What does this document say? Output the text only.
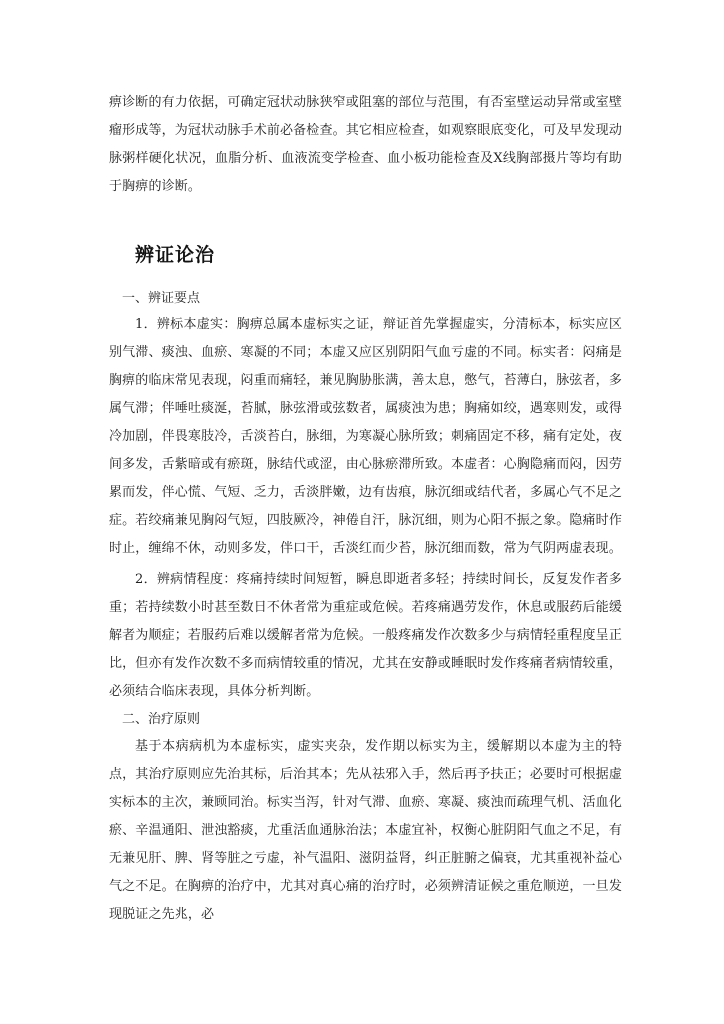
痹诊断的有力依据，可确定冠状动脉狭窄或阻塞的部位与范围，有否室壁运动异常或室壁瘤形成等，为冠状动脉手术前必备检查。其它相应检查，如观察眼底变化，可及早发现动脉粥样硬化状况，血脂分析、血液流变学检查、血小板功能检查及X线胸部摄片等均有助于胸痹的诊断。

辨证论治

一、辨证要点

1．辨标本虚实：胸痹总属本虚标实之证，辩证首先掌握虚实，分清标本，标实应区别气滞、痰浊、血瘀、寒凝的不同；本虚又应区别阴阳气血亏虚的不同。标实者：闷痛是胸痹的临床常见表现，闷重而痛轻，兼见胸胁胀满，善太息，憋气，苔薄白，脉弦者，多属气滞；伴唾吐痰涎，苔腻，脉弦滑或弦数者，属痰浊为患；胸痛如绞，遇寒则发，或得冷加剧，伴畏寒肢冷，舌淡苔白，脉细，为寒凝心脉所致；刺痛固定不移，痛有定处，夜间多发，舌紫暗或有瘀斑，脉结代或涩，由心脉瘀滞所致。本虚者：心胸隐痛而闷，因劳累而发，伴心慌、气短、乏力，舌淡胖嫩，边有齿痕，脉沉细或结代者，多属心气不足之症。若绞痛兼见胸闷气短，四肢厥冷，神倦自汗，脉沉细，则为心阳不振之象。隐痛时作时止，缠绵不休，动则多发，伴口干，舌淡红而少苔，脉沉细而数，常为气阴两虚表现。

2．辨病情程度：疼痛持续时间短暂，瞬息即逝者多轻；持续时间长，反复发作者多重；若持续数小时甚至数日不休者常为重症或危候。若疼痛遇劳发作，休息或服药后能缓解者为顺症；若服药后难以缓解者常为危候。一般疼痛发作次数多少与病情轻重程度呈正比，但亦有发作次数不多而病情较重的情况，尤其在安静或睡眠时发作疼痛者病情较重，必须结合临床表现，具体分析判断。

二、治疗原则

基于本病病机为本虚标实，虚实夹杂，发作期以标实为主，缓解期以本虚为主的特点，其治疗原则应先治其标，后治其本；先从祛邪入手，然后再予扶正；必要时可根据虚实标本的主次，兼顾同治。标实当泻，针对气滞、血瘀、寒凝、痰浊而疏理气机、活血化瘀、辛温通阳、泄浊豁痰，尤重活血通脉治法；本虚宜补，权衡心脏阴阳气血之不足，有无兼见肝、脾、肾等脏之亏虚，补气温阳、滋阴益肾，纠正脏腑之偏衰，尤其重视补益心气之不足。在胸痹的治疗中，尤其对真心痛的治疗时，必须辨清证候之重危顺逆，一旦发现脱证之先兆，必
